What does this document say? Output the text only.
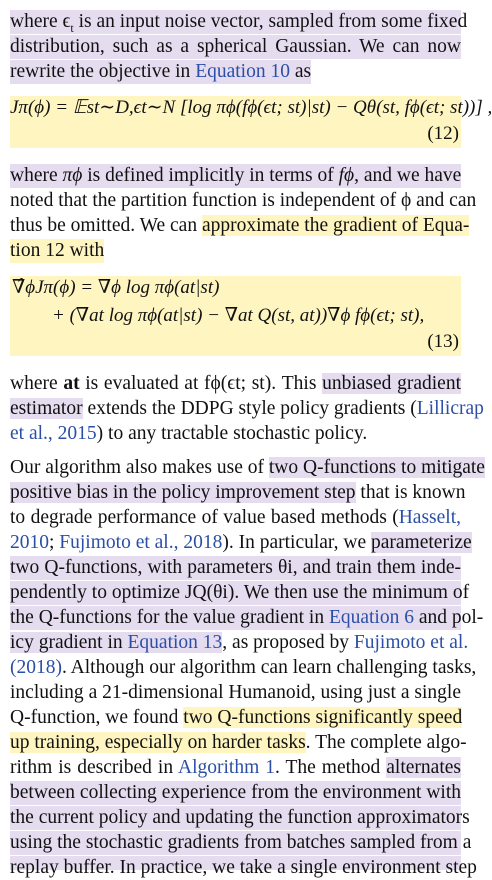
where $\epsilon_t$ is an input noise vector, sampled from some fixed
distribution, such as a spherical Gaussian. We can now
rewrite the objective in Equation 10 as
Jπ(ϕ) = 𝔼st∼D,ϵt∼N [log πϕ(fϕ(ϵt; st)|st) − Qθ(st, fϕ(ϵt; st))] ,
(12)
where πϕ is defined implicitly in terms of fϕ, and we have
noted that the partition function is independent of ϕ and can
thus be omitted. We can approximate the gradient of Equa-
tion 12 with
∇̂ϕJπ(ϕ) = ∇ϕ log πϕ(at|st)
+ (∇at log πϕ(at|st) − ∇at Q(st, at))∇ϕ fϕ(ϵt; st),
(13)
where at is evaluated at fϕ(ϵt; st). This unbiased gradient
estimator extends the DDPG style policy gradients (Lillicrap
et al., 2015) to any tractable stochastic policy.
Our algorithm also makes use of two Q-functions to mitigate
positive bias in the policy improvement step that is known
to degrade performance of value based methods (Hasselt,
2010; Fujimoto et al., 2018). In particular, we parameterize
two Q-functions, with parameters θi, and train them inde-
pendently to optimize JQ(θi). We then use the minimum of
the Q-functions for the value gradient in Equation 6 and pol-
icy gradient in Equation 13, as proposed by Fujimoto et al.
(2018). Although our algorithm can learn challenging tasks,
including a 21-dimensional Humanoid, using just a single
Q-function, we found two Q-functions significantly speed
up training, especially on harder tasks. The complete algo-
rithm is described in Algorithm 1. The method alternates
between collecting experience from the environment with
the current policy and updating the function approximators
using the stochastic gradients from batches sampled from a
replay buffer. In practice, we take a single environment step
